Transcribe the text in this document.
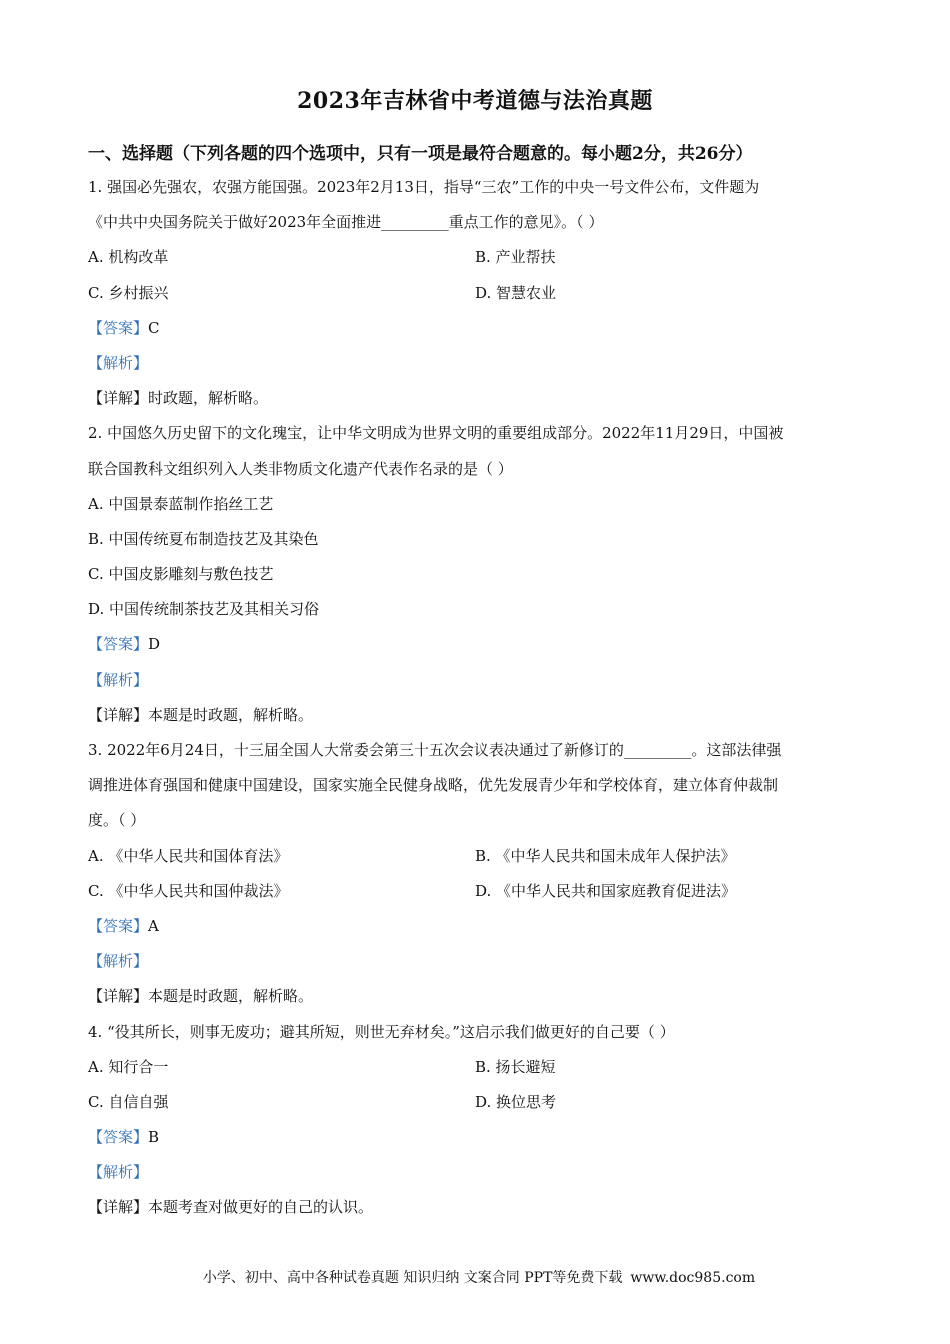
2023年吉林省中考道德与法治真题
一、选择题（下列各题的四个选项中，只有一项是最符合题意的。每小题2分，共26分）
1. 强国必先强农，农强方能国强。2023年2月13日，指导“三农”工作的中央一号文件公布，文件题为
《中共中央国务院关于做好2023年全面推进_________重点工作的意见》。（ ）
A. 机构改革	B. 产业帮扶
C. 乡村振兴	D. 智慧农业
【答案】C
【解析】
【详解】时政题，解析略。
2. 中国悠久历史留下的文化瑰宝，让中华文明成为世界文明的重要组成部分。2022年11月29日，中国被
联合国教科文组织列入人类非物质文化遗产代表作名录的是（ ）
A. 中国景泰蓝制作掐丝工艺
B. 中国传统夏布制造技艺及其染色
C. 中国皮影雕刻与敷色技艺
D. 中国传统制茶技艺及其相关习俗
【答案】D
【解析】
【详解】本题是时政题，解析略。
3. 2022年6月24日，十三届全国人大常委会第三十五次会议表决通过了新修订的_________。这部法律强
调推进体育强国和健康中国建设，国家实施全民健身战略，优先发展青少年和学校体育，建立体育仲裁制
度。（ ）
A. 《中华人民共和国体育法》	B. 《中华人民共和国未成年人保护法》
C. 《中华人民共和国仲裁法》	D. 《中华人民共和国家庭教育促进法》
【答案】A
【解析】
【详解】本题是时政题，解析略。
4. “役其所长，则事无废功；避其所短，则世无弃材矣。”这启示我们做更好的自己要（ ）
A. 知行合一	B. 扬长避短
C. 自信自强	D. 换位思考
【答案】B
【解析】
【详解】本题考查对做更好的自己的认识。
小学、初中、高中各种试卷真题 知识归纳 文案合同 PPT等免费下载 www.doc985.com
